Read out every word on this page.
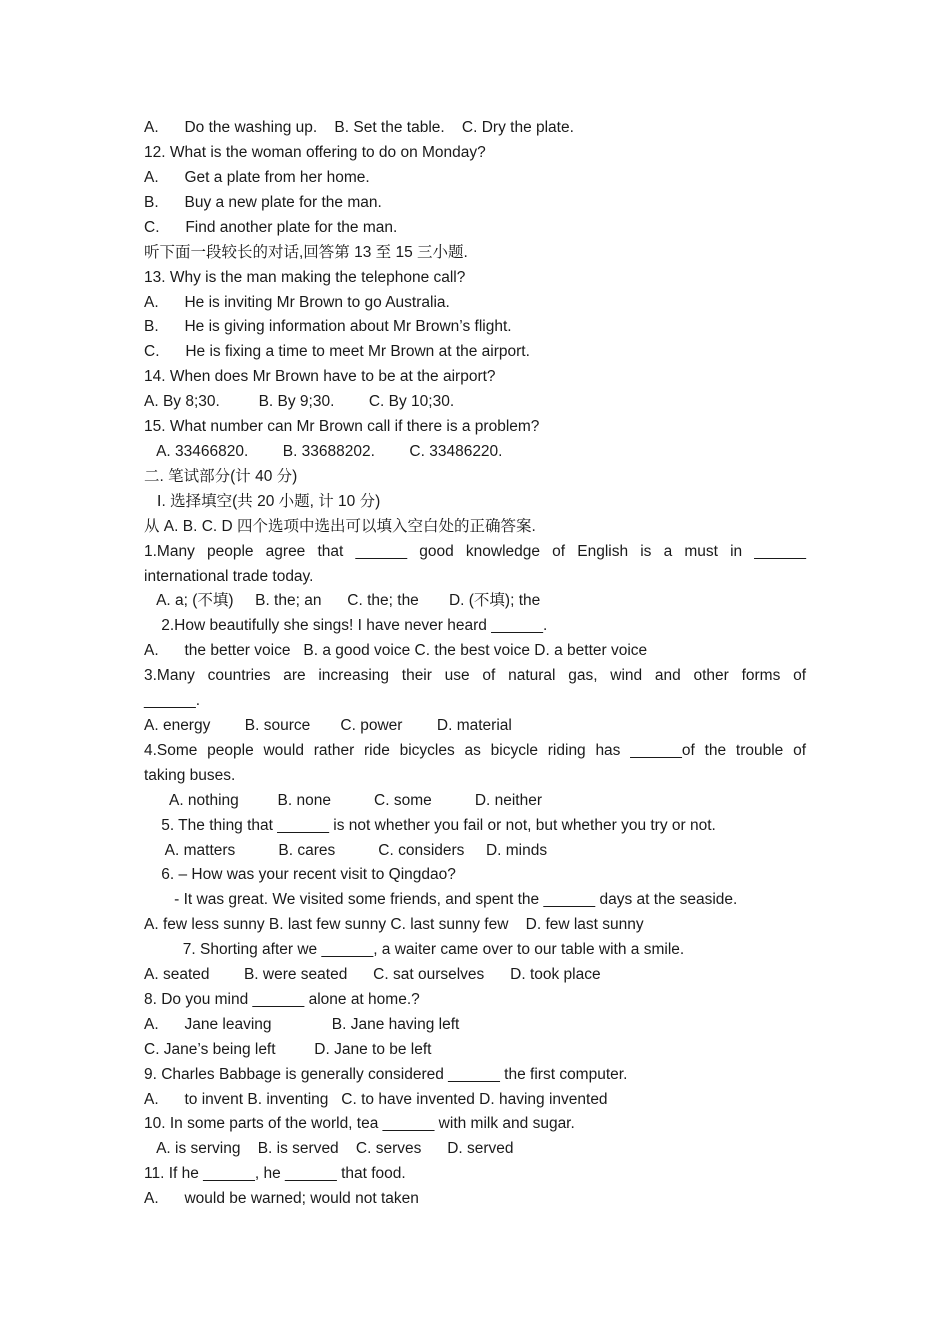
A.      Do the washing up.    B. Set the table.    C. Dry the plate.
12. What is the woman offering to do on Monday?
A.      Get a plate from her home.
B.      Buy a new plate for the man.
C.      Find another plate for the man.
听下面一段较长的对话,回答第 13 至 15 三小题.
13. Why is the man making the telephone call?
A.      He is inviting Mr Brown to go Australia.
B.      He is giving information about Mr Brown’s flight.
C.      He is fixing a time to meet Mr Brown at the airport.
14. When does Mr Brown have to be at the airport?
A. By 8;30.         B. By 9;30.        C. By 10;30.
15. What number can Mr Brown call if there is a problem?
A. 33466820.        B. 33688202.        C. 33486220.
二. 笔试部分(计 40 分)
Ⅰ. 选择填空(共 20 小题, 计 10 分)
从 A. B. C. D 四个选项中选出可以填入空白处的正确答案.
1.Many people agree that ______ good knowledge of English is a must in ______
international trade today.
A. a; (不填)     B. the; an      C. the; the       D. (不填); the
2.How beautifully she sings! I have never heard ______.
A.      the better voice   B. a good voice C. the best voice D. a better voice
3.Many countries are increasing their use of natural gas, wind and other forms of
______.
A. energy        B. source       C. power        D. material
4.Some people would rather ride bicycles as bicycle riding has ______of the trouble of
taking buses.
A. nothing         B. none          C. some          D. neither
5. The thing that ______ is not whether you fail or not, but whether you try or not.
A. matters          B. cares          C. considers     D. minds
6. – How was your recent visit to Qingdao?
- It was great. We visited some friends, and spent the ______ days at the seaside.
A. few less sunny B. last few sunny C. last sunny few    D. few last sunny
7. Shorting after we ______, a waiter came over to our table with a smile.
A. seated        B. were seated      C. sat ourselves      D. took place
8. Do you mind ______ alone at home.?
A.      Jane leaving              B. Jane having left
C. Jane’s being left         D. Jane to be left
9. Charles Babbage is generally considered ______ the first computer.
A.      to invent B. inventing   C. to have invented D. having invented
10. In some parts of the world, tea ______ with milk and sugar.
A. is serving    B. is served    C. serves      D. served
11. If he ______, he ______ that food.
A.      would be warned; would not taken
